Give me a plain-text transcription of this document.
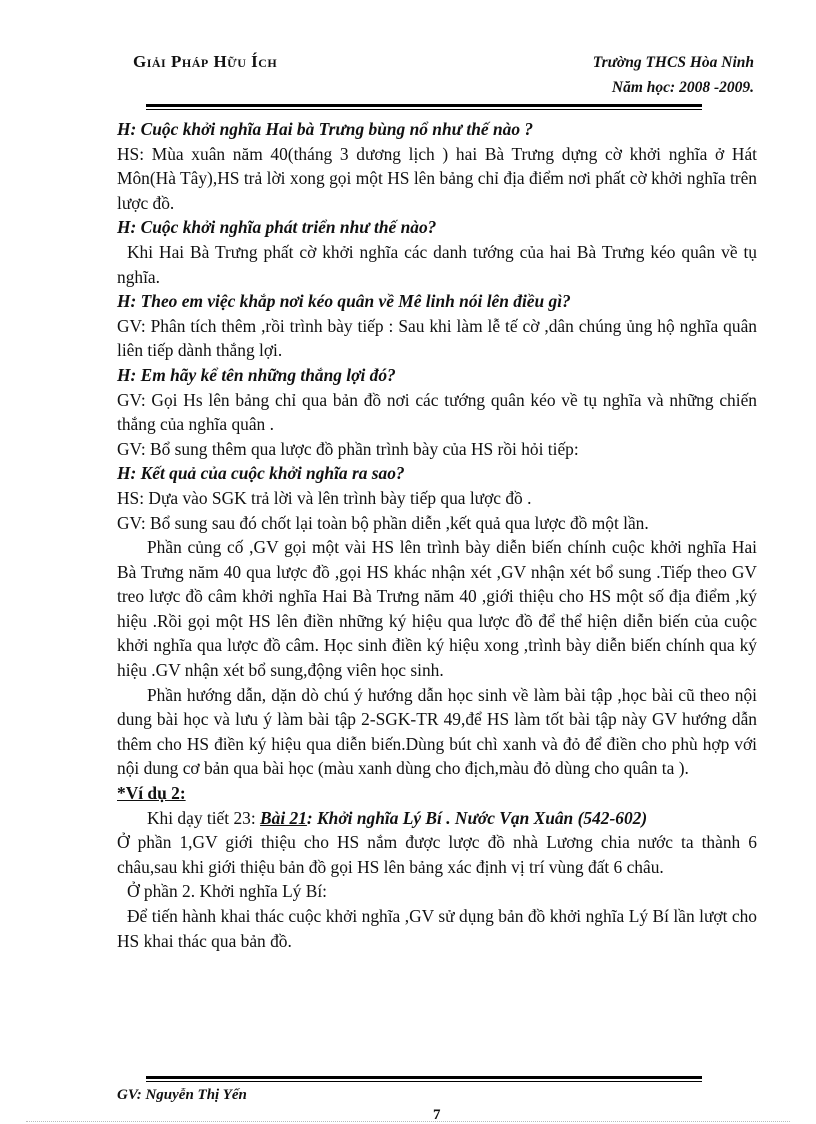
Giải Pháp Hữu Ích	Trường THCS Hòa Ninh
Năm học: 2008 -2009.

H: Cuộc khởi nghĩa Hai bà Trưng bùng nổ như thế nào ?

HS: Mùa xuân năm 40(tháng 3 dương lịch ) hai Bà Trưng dựng cờ khởi nghĩa ở Hát Môn(Hà Tây),HS trả lời xong gọi một HS lên bảng chỉ địa điểm nơi phất cờ khởi nghĩa trên lược đồ.

H: Cuộc khởi nghĩa phát triển như thế nào?

Khi Hai Bà Trưng phất cờ khởi nghĩa các danh tướng của hai Bà Trưng kéo quân về tụ nghĩa.

H: Theo em việc khắp nơi kéo quân về Mê linh nói lên điều gì?

GV: Phân tích thêm ,rồi trình bày tiếp : Sau khi làm lễ tế cờ ,dân chúng ủng hộ nghĩa quân liên tiếp dành thắng lợi.

H: Em hãy kể tên những thắng lợi đó?

GV: Gọi Hs lên bảng chỉ qua bản đồ nơi các tướng quân kéo về tụ nghĩa và những chiến thắng của nghĩa quân .

GV: Bổ sung thêm qua lược đồ phần trình bày của HS rồi hỏi tiếp:

H: Kết quả của cuộc khởi nghĩa ra sao?

HS: Dựa vào SGK trả lời và lên trình bày tiếp qua lược đồ .

GV: Bổ sung sau đó chốt lại toàn bộ phần diễn ,kết quả qua lược đồ một lần.

Phần củng cố ,GV gọi một vài HS lên trình bày diễn biến chính cuộc khởi nghĩa Hai Bà Trưng năm 40 qua lược đồ ,gọi HS khác nhận xét ,GV nhận xét bổ sung .Tiếp theo GV treo lược đồ câm khởi nghĩa Hai Bà Trưng năm 40 ,giới thiệu cho HS một số địa điểm ,ký hiệu .Rồi gọi một HS lên điền những ký hiệu qua lược đồ để thể hiện diễn biến của cuộc khởi nghĩa qua lược đồ câm. Học sinh điền ký hiệu xong ,trình bày diễn biến chính qua ký hiệu .GV nhận xét bổ sung,động viên học sinh.

Phần hướng dẫn, dặn dò chú ý hướng dẫn học sinh về làm bài tập ,học bài cũ theo nội dung bài học và lưu ý làm bài tập 2-SGK-TR 49,để HS làm tốt bài tập này GV hướng dẫn thêm cho HS điền ký hiệu qua diễn biến.Dùng bút chì xanh và đỏ để điền cho phù hợp với nội dung cơ bản qua bài học (màu xanh dùng cho địch,màu đỏ dùng cho quân ta ).

*Ví dụ 2:

Khi dạy tiết 23: Bài 21: Khởi nghĩa Lý Bí . Nước Vạn Xuân (542-602)

Ở phần 1,GV giới thiệu cho HS nắm được lược đồ nhà Lương chia nước ta thành 6 châu,sau khi giới thiệu bản đồ gọi HS lên bảng xác định vị trí vùng đất 6 châu.

Ở phần 2. Khởi nghĩa Lý Bí:

Để tiến hành khai thác cuộc khởi nghĩa ,GV sử dụng bản đồ khởi nghĩa Lý Bí lần lượt cho HS khai thác qua bản đồ.

GV: Nguyễn Thị Yến
7
